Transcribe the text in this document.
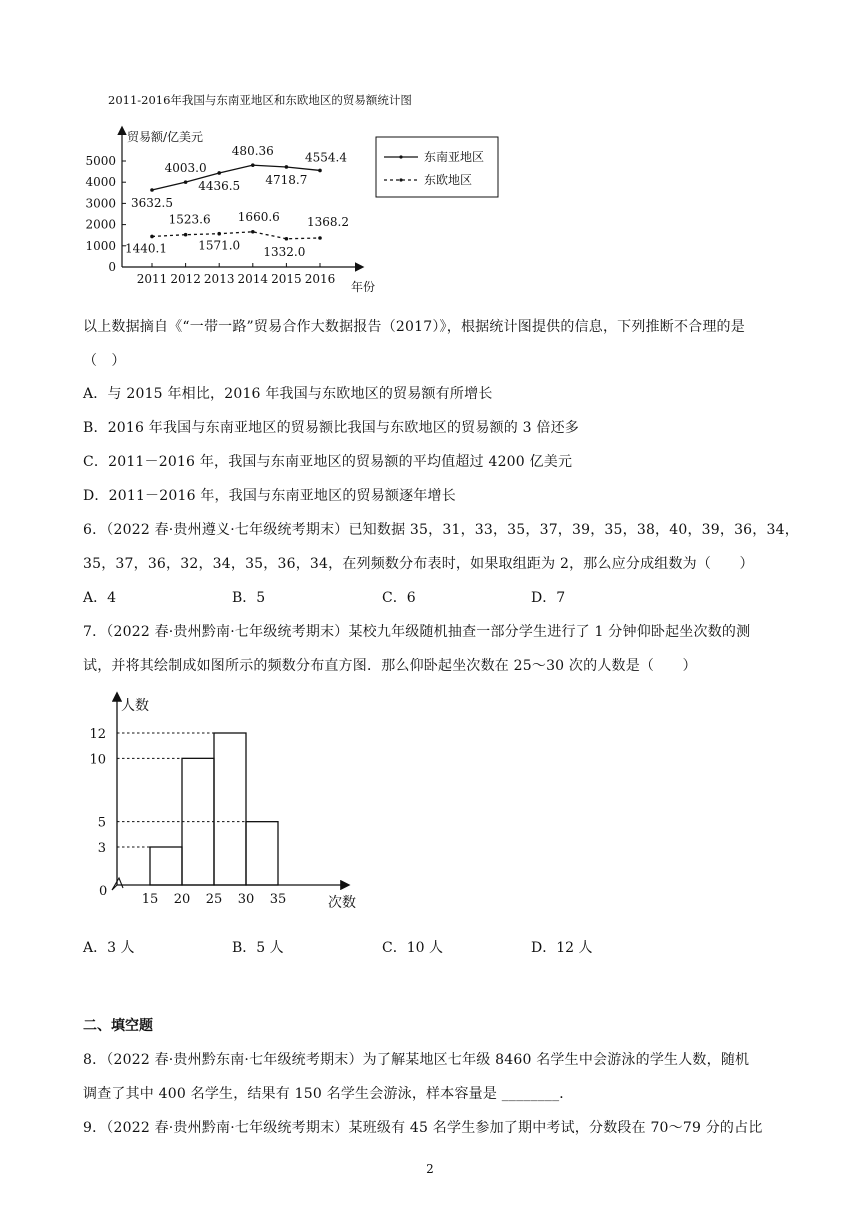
2011-2016年我国与东南亚地区和东欧地区的贸易额统计图
贸易额/亿美元
年份
0
1000
2000
3000
4000
5000
2011 2012 2013 2014 2015 2016
3632.5
4003.0
4436.5
480.36
4718.7
4554.4
1440.1
1523.6
1571.0
1660.6
1332.0
1368.2
东南亚地区
东欧地区
以上数据摘自《“一带一路”贸易合作大数据报告（2017）》，根据统计图提供的信息，下列推断不合理的是
（　）
A．与 2015 年相比，2016 年我国与东欧地区的贸易额有所增长
B．2016 年我国与东南亚地区的贸易额比我国与东欧地区的贸易额的 3 倍还多
C．2011－2016 年，我国与东南亚地区的贸易额的平均值超过 4200 亿美元
D．2011－2016 年，我国与东南亚地区的贸易额逐年增长
6．（2022 春·贵州遵义·七年级统考期末）已知数据 35，31，33，35，37，39，35，38，40，39，36，34，
35，37，36，32，34，35，36，34，在列频数分布表时，如果取组距为 2，那么应分成组数为（　　）
A．4	B．5	C．6	D．7
7．（2022 春·贵州黔南·七年级统考期末）某校九年级随机抽查一部分学生进行了 1 分钟仰卧起坐次数的测
试，并将其绘制成如图所示的频数分布直方图．那么仰卧起坐次数在 25～30 次的人数是（　　）
人数
次数
0
15 20 25 30 35
3
5
10
12
A．3 人	B．5 人	C．10 人	D．12 人
二、填空题
8．（2022 春·贵州黔东南·七年级统考期末）为了解某地区七年级 8460 名学生中会游泳的学生人数，随机
调查了其中 400 名学生，结果有 150 名学生会游泳，样本容量是 ________．
9．（2022 春·贵州黔南·七年级统考期末）某班级有 45 名学生参加了期中考试，分数段在 70～79 分的占比
2
